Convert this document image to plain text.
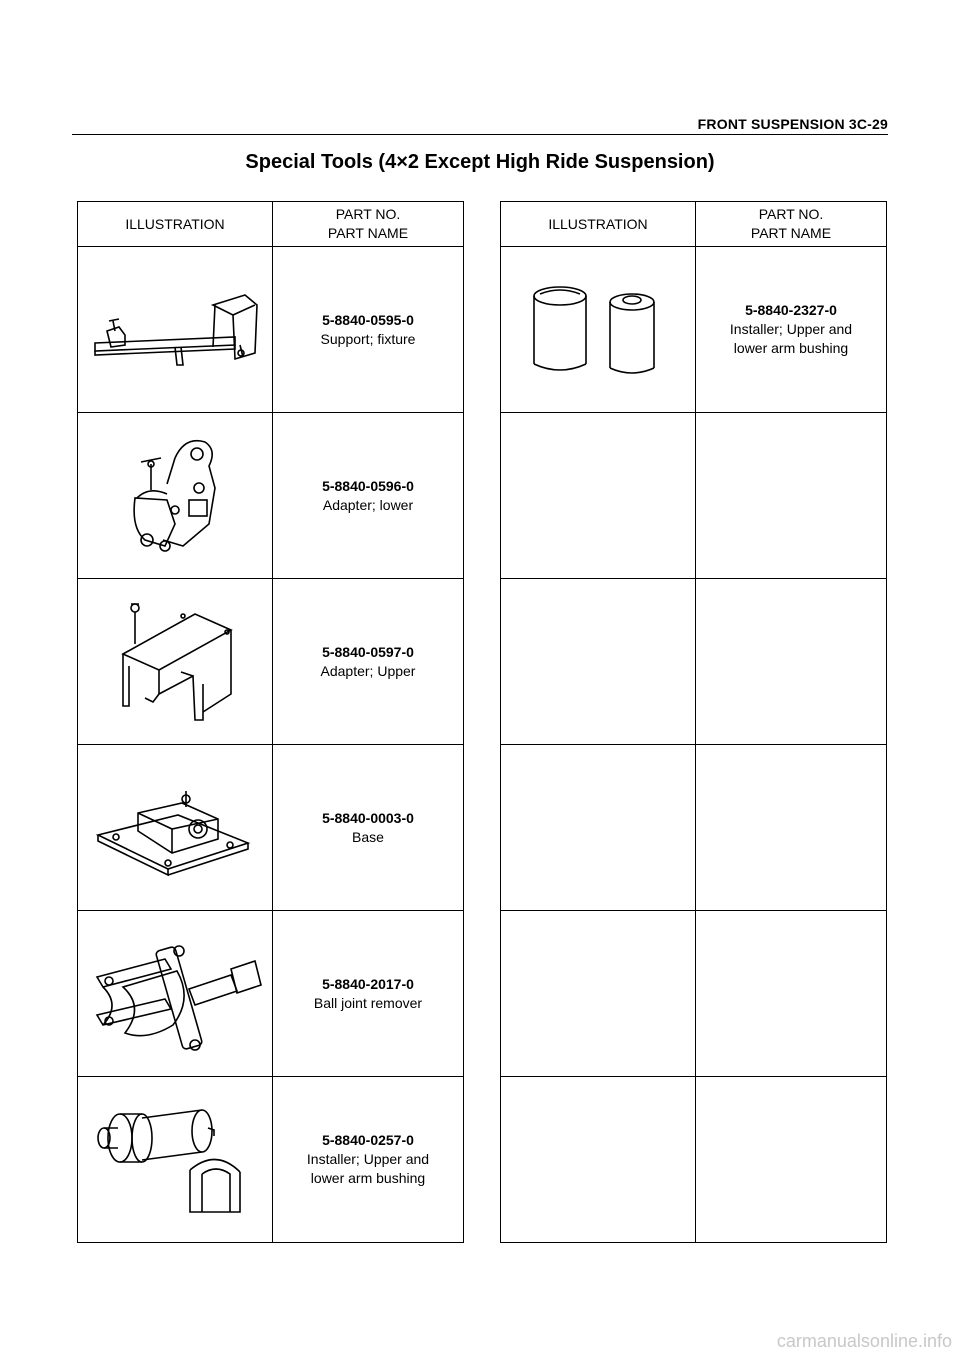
FRONT SUSPENSION 3C-29
Special Tools (4×2 Except High Ride Suspension)
ILLUSTRATION	PART NO.
PART NAME

5-8840-0595-0
Support; fixture

5-8840-0596-0
Adapter; lower

5-8840-0597-0
Adapter; Upper

5-8840-0003-0
Base

5-8840-2017-0
Ball joint remover

5-8840-0257-0
Installer; Upper and lower arm bushing
ILLUSTRATION	PART NO.
PART NAME

5-8840-2327-0
Installer; Upper and lower arm bushing

carmanualsonline.info
